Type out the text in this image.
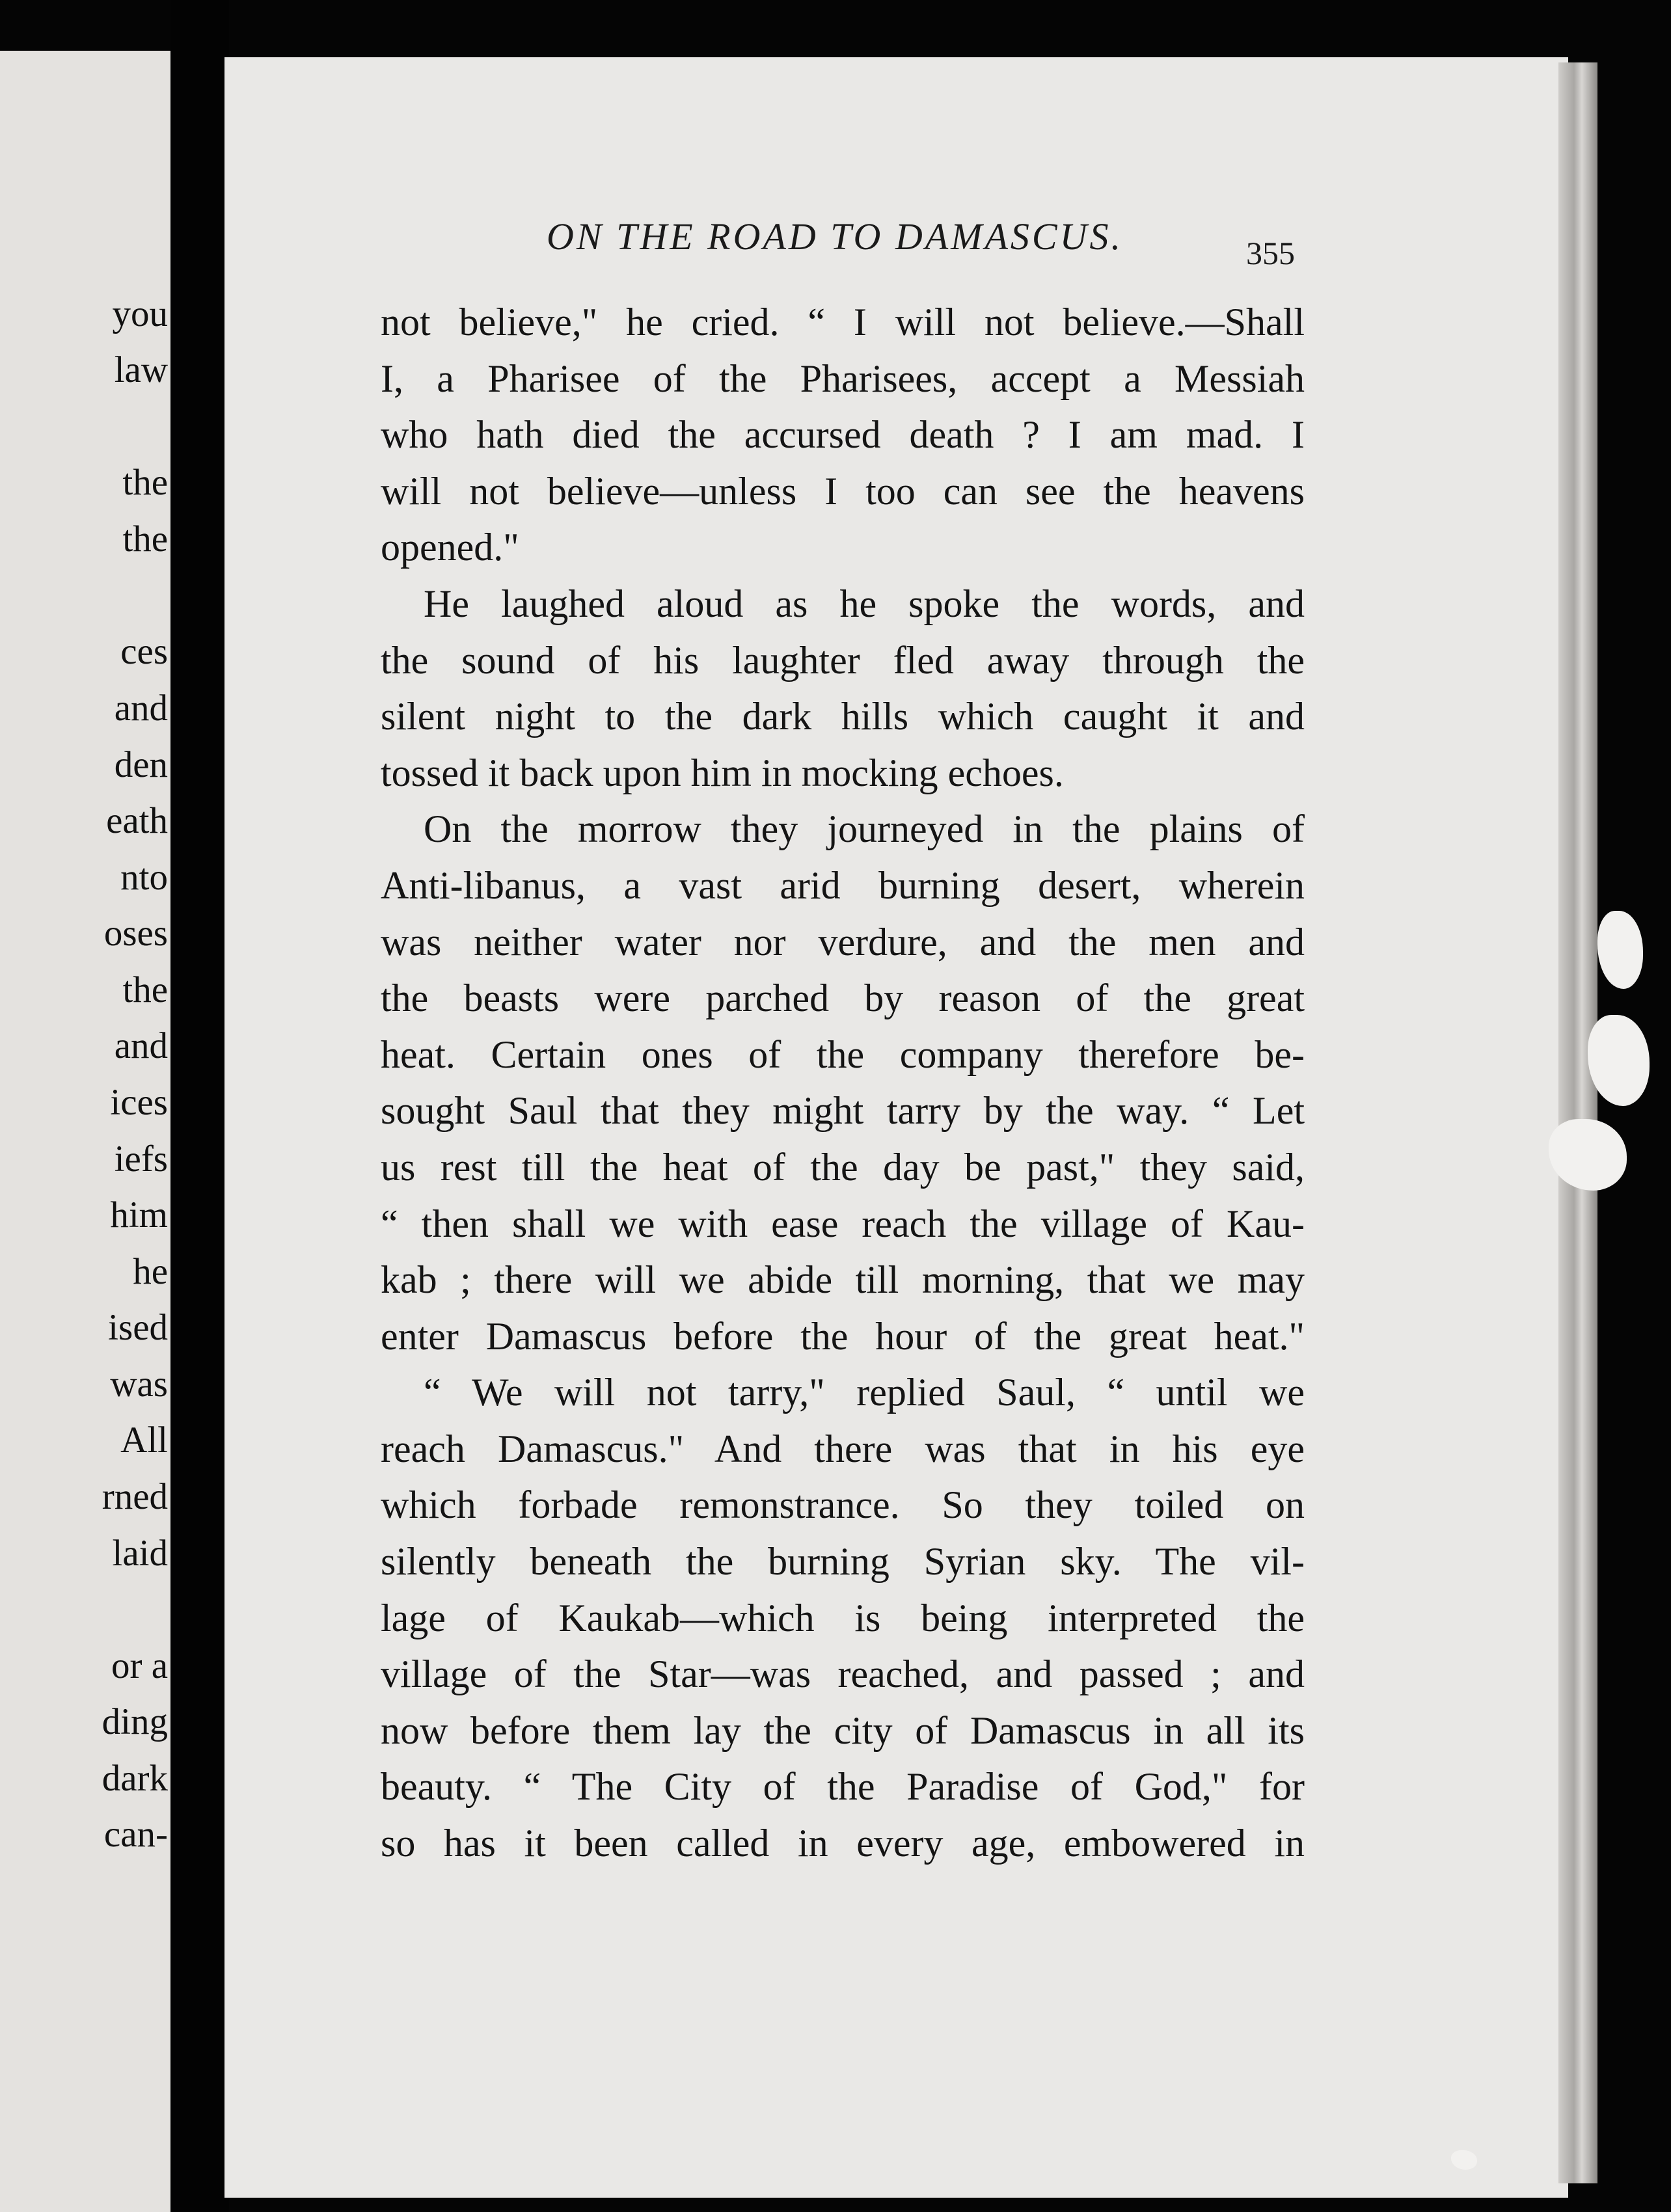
you
law
the
the
ces
and
den
eath
nto
oses
the
and
ices
iefs
him
he
ised
was
All
rned
laid
or a
ding
dark
can-
ON THE ROAD TO DAMASCUS.	355
not believe," he cried. “ I will not believe.—Shall
I, a Pharisee of the Pharisees, accept a Messiah
who hath died the accursed death ? I am mad. I
will not believe—unless I too can see the heavens
opened."
He laughed aloud as he spoke the words, and
the sound of his laughter fled away through the
silent night to the dark hills which caught it and
tossed it back upon him in mocking echoes.
On the morrow they journeyed in the plains of
Anti-libanus, a vast arid burning desert, wherein
was neither water nor verdure, and the men and
the beasts were parched by reason of the great
heat. Certain ones of the company therefore be-
sought Saul that they might tarry by the way. “ Let
us rest till the heat of the day be past," they said,
“ then shall we with ease reach the village of Kau-
kab ; there will we abide till morning, that we may
enter Damascus before the hour of the great heat."
“ We will not tarry," replied Saul, “ until we
reach Damascus." And there was that in his eye
which forbade remonstrance. So they toiled on
silently beneath the burning Syrian sky. The vil-
lage of Kaukab—which is being interpreted the
village of the Star—was reached, and passed ; and
now before them lay the city of Damascus in all its
beauty. “ The City of the Paradise of God," for
so has it been called in every age, embowered in
